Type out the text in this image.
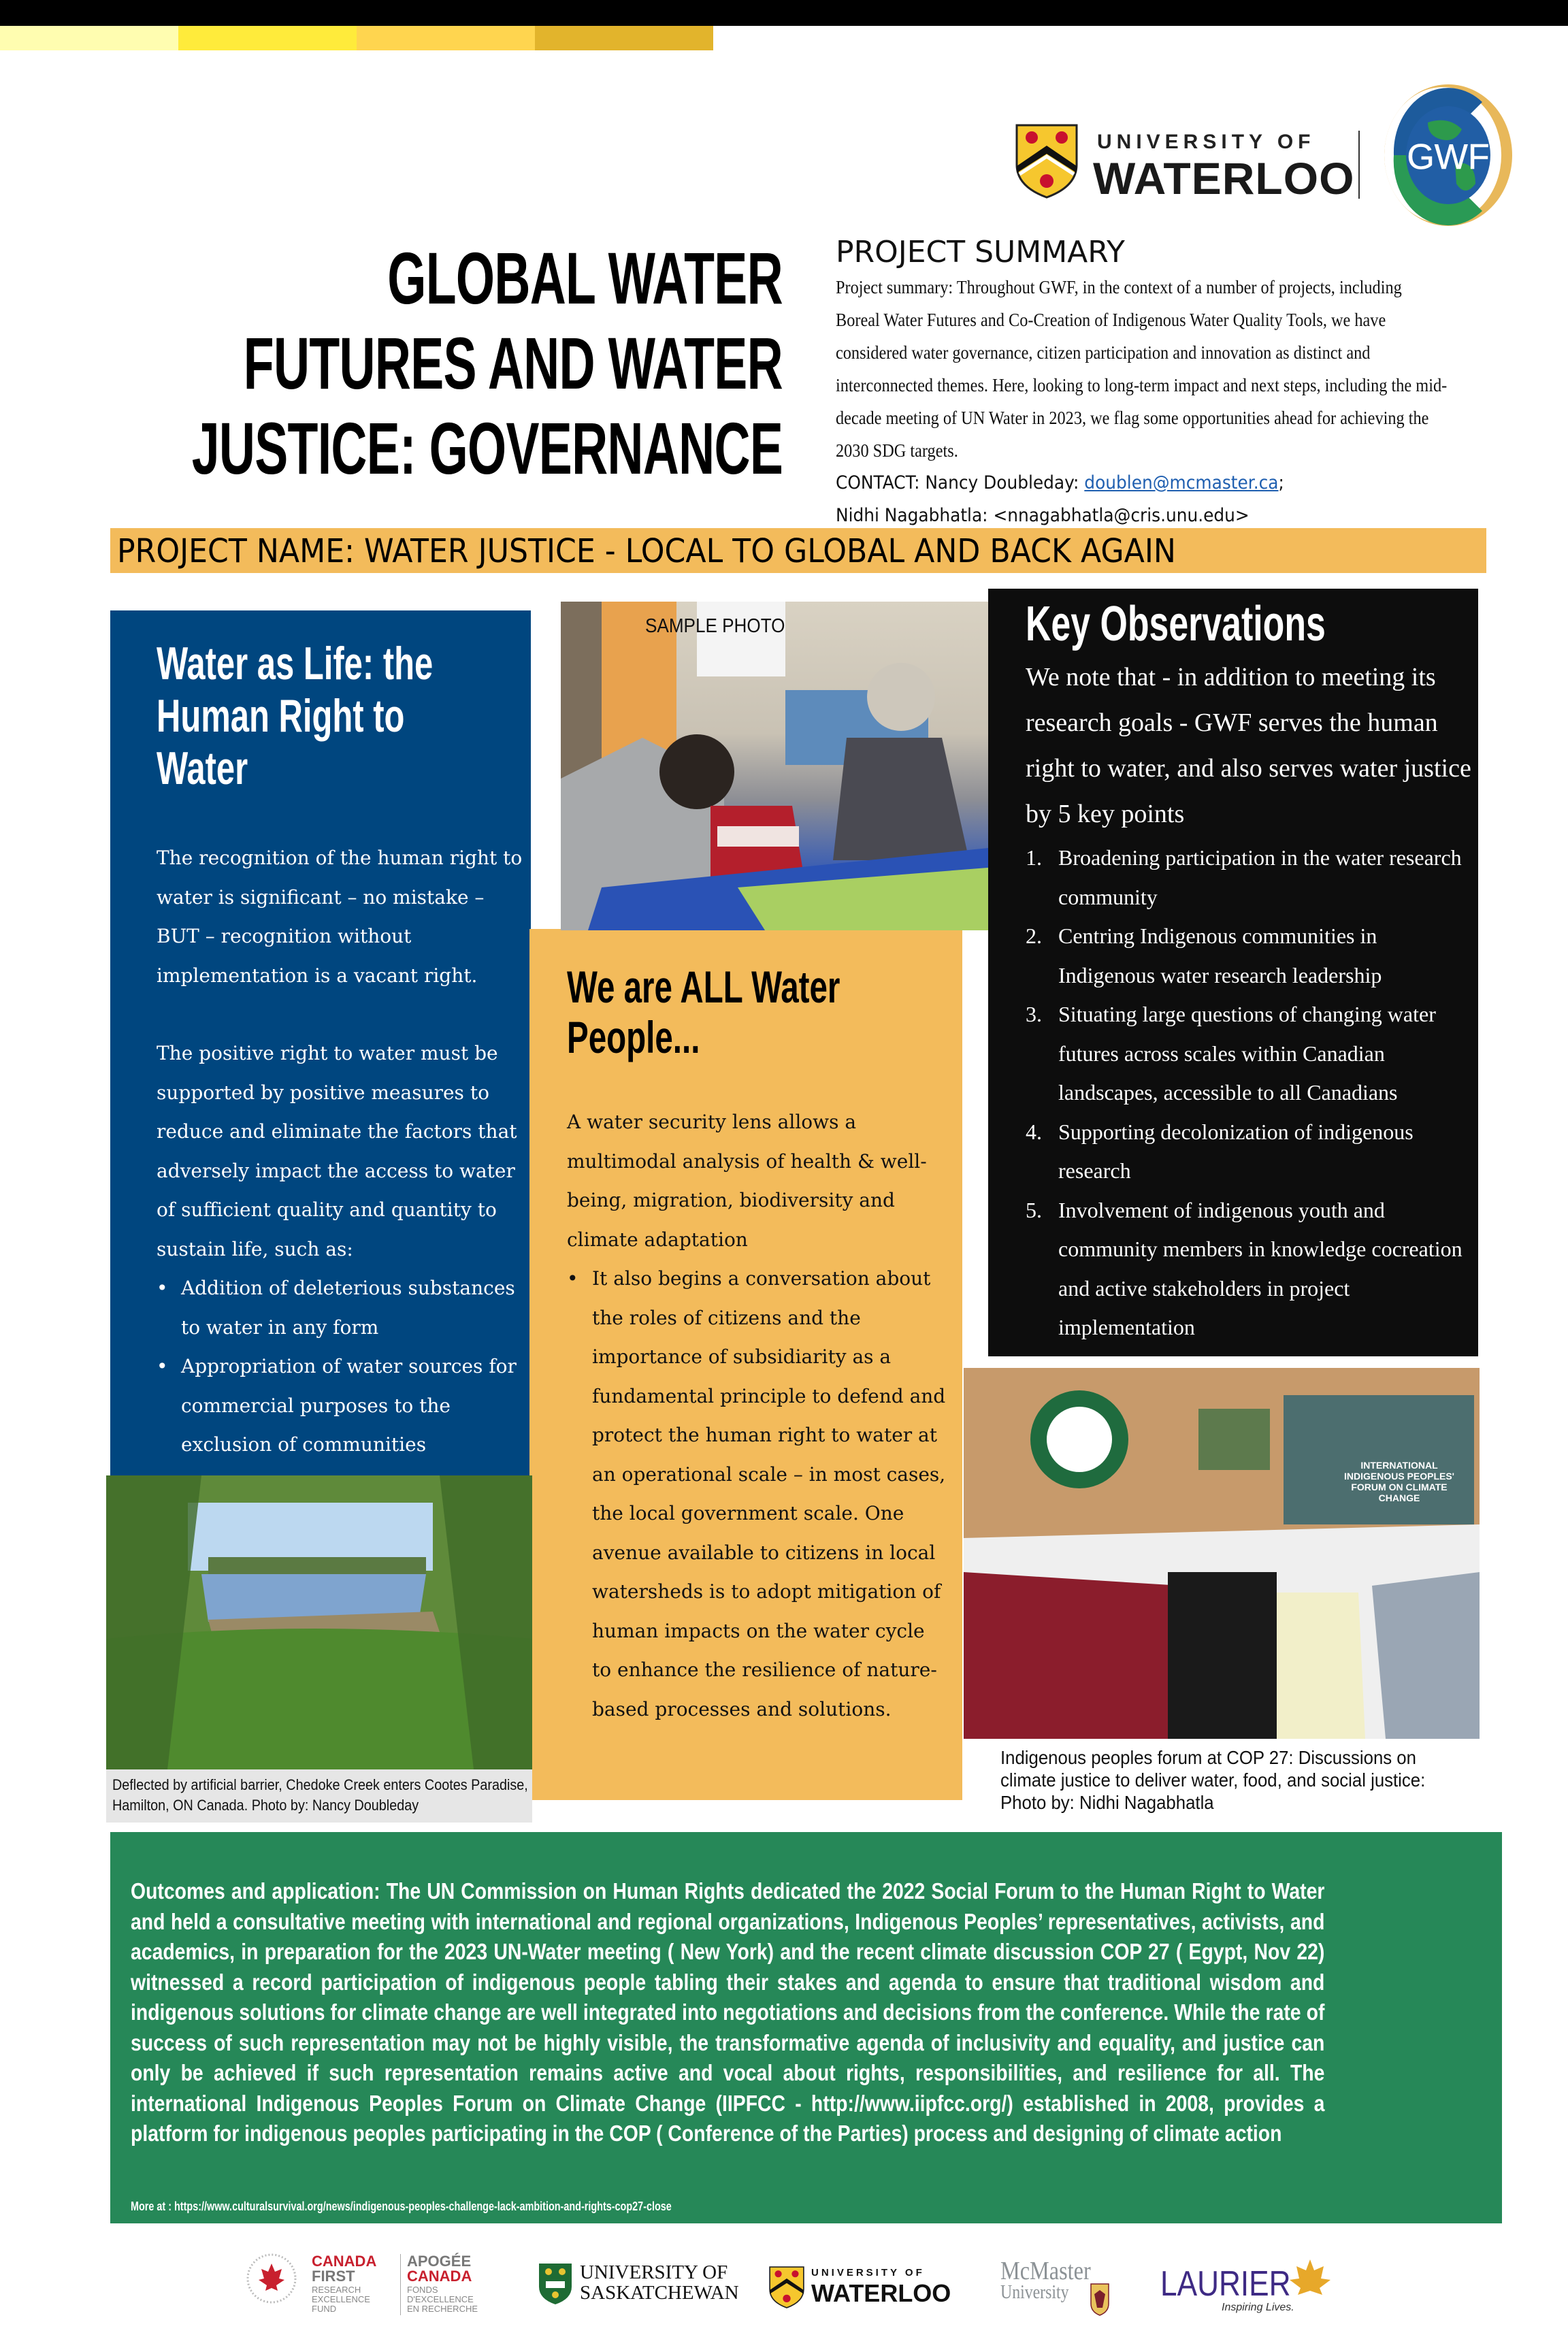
UNIVERSITY OF
WATERLOO GWF
GLOBAL WATER
FUTURES AND WATER
JUSTICE: GOVERNANCE
PROJECT SUMMARY
Project summary: Throughout GWF, in the context of a number of projects, including Boreal Water Futures and Co-Creation of Indigenous Water Quality Tools, we have considered water governance, citizen participation and innovation as distinct and interconnected themes. Here, looking to long-term impact and next steps, including the mid-decade meeting of UN Water in 2023, we flag some opportunities ahead for achieving the 2030 SDG targets.
CONTACT: Nancy Doubleday: doublen@mcmaster.ca;
Nidhi Nagabhatla: <nnagabhatla@cris.unu.edu>
PROJECT NAME: WATER JUSTICE - LOCAL TO GLOBAL AND BACK AGAIN
Water as Life: the
Human Right to
Water
The recognition of the human right to water is significant – no mistake – BUT – recognition without implementation is a vacant right.
The positive right to water must be supported by positive measures to reduce and eliminate the factors that adversely impact the access to water of sufficient quality and quantity to sustain life, such as:
• Addition of deleterious substances to water in any form
• Appropriation of water sources for commercial purposes to the exclusion of communities
We are ALL Water
People...
A water security lens allows a multimodal analysis of health & well-being, migration, biodiversity and climate adaptation
• It also begins a conversation about the roles of citizens and the importance of subsidiarity as a fundamental principle to defend and protect the human right to water at an operational scale – in most cases, the local government scale. One avenue available to citizens in local watersheds is to adopt mitigation of human impacts on the water cycle to enhance the resilience of nature-based processes and solutions.
SAMPLE PHOTO	Key Observations
We note that - in addition to meeting its research goals - GWF serves the human right to water, and also serves water justice by 5 key points
1. Broadening participation in the water research community
2. Centring Indigenous communities in Indigenous water research leadership
3. Situating large questions of changing water futures across scales within Canadian landscapes, accessible to all Canadians
4. Supporting decolonization of indigenous research
5. Involvement of indigenous youth and community members in knowledge cocreation and active stakeholders in project implementation
Deflected by artificial barrier, Chedoke Creek enters Cootes Paradise, Hamilton, ON Canada. Photo by: Nancy Doubleday
INTERNATIONAL INDIGENOUS PEOPLES' FORUM ON CLIMATE CHANGE
Indigenous peoples forum at COP 27: Discussions on climate justice to deliver water, food, and social justice: Photo by: Nidhi Nagabhatla
Outcomes and application: The UN Commission on Human Rights dedicated the 2022 Social Forum to the Human Right to Water and held a consultative meeting with international and regional organizations, Indigenous Peoples’ representatives, activists, and academics, in preparation for the 2023 UN-Water meeting ( New York) and the recent climate discussion COP 27 ( Egypt, Nov 22) witnessed a record participation of indigenous people tabling their stakes and agenda to ensure that traditional wisdom and indigenous solutions for climate change are well integrated into negotiations and decisions from the conference. While the rate of success of such representation may not be highly visible, the transformative agenda of inclusivity and equality, and justice can only be achieved if such representation remains active and vocal about rights, responsibilities, and resilience for all. The international Indigenous Peoples Forum on Climate Change (IIPFCC - http://www.iipfcc.org/) established in 2008, provides a platform for indigenous peoples participating in the COP ( Conference of the Parties) process and designing of climate action
More at : https://www.culturalsurvival.org/news/indigenous-peoples-challenge-lack-ambition-and-rights-cop27-close
CANADA
FIRST
RESEARCH
EXCELLENCE
FUND
APOGÉE
CANADA
FONDS
D'EXCELLENCE
EN RECHERCHE
UNIVERSITY OF
SASKATCHEWAN
UNIVERSITY OF
WATERLOO
McMaster
University	LAURIER
Inspiring Lives.
